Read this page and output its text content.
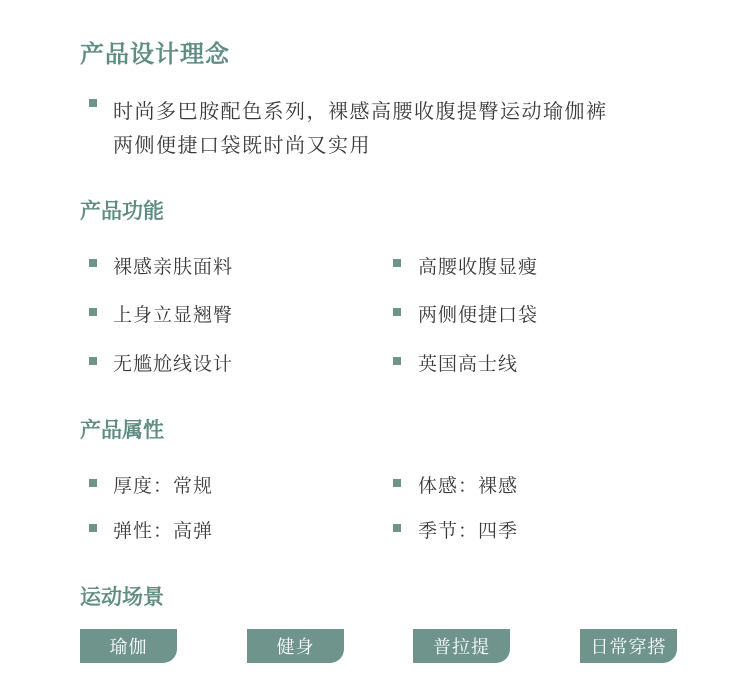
产品设计理念
时尚多巴胺配色系列，裸感高腰收腹提臀运动瑜伽裤
两侧便捷口袋既时尚又实用
产品功能
裸感亲肤面料	高腰收腹显瘦
上身立显翘臀	两侧便捷口袋
无尴尬线设计	英国高士线
产品属性
厚度：常规	体感：裸感
弹性：高弹	季节：四季
运动场景
瑜伽	健身	普拉提	日常穿搭
